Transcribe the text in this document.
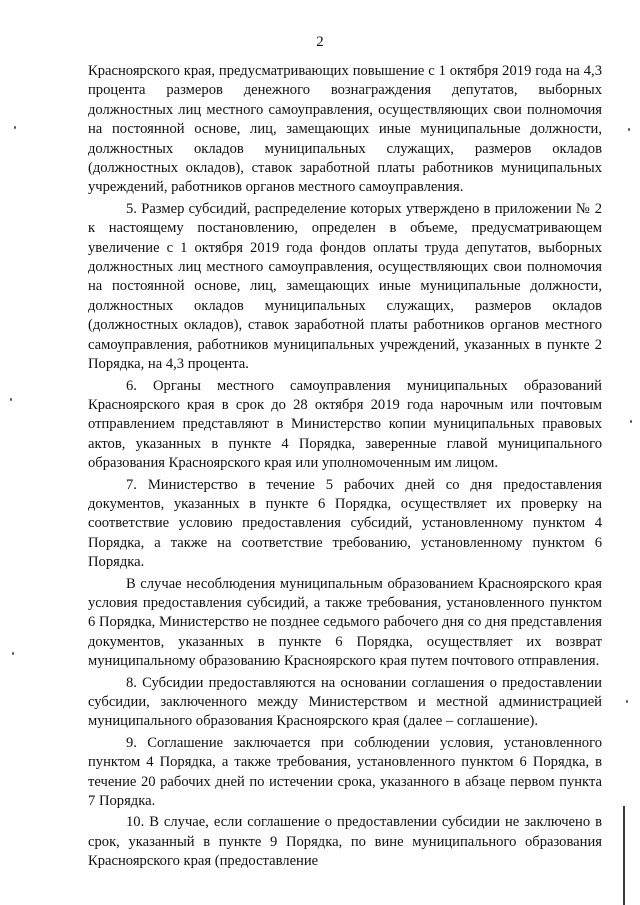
2

Красноярского края, предусматривающих повышение с 1 октября 2019 года на 4,3 процента размеров денежного вознаграждения депутатов, выборных должностных лиц местного самоуправления, осуществляющих свои полномочия на постоянной основе, лиц, замещающих иные муниципальные должности, должностных окладов муниципальных служащих, размеров окладов (должностных окладов), ставок заработной платы работников муниципальных учреждений, работников органов местного самоуправления.

5. Размер субсидий, распределение которых утверждено в приложении № 2 к настоящему постановлению, определен в объеме, предусматривающем увеличение с 1 октября 2019 года фондов оплаты труда депутатов, выборных должностных лиц местного самоуправления, осуществляющих свои полномочия на постоянной основе, лиц, замещающих иные муниципальные должности, должностных окладов муниципальных служащих, размеров окладов (должностных окладов), ставок заработной платы работников органов местного самоуправления, работников муниципальных учреждений, указанных в пункте 2 Порядка, на 4,3 процента.

6. Органы местного самоуправления муниципальных образований Красноярского края в срок до 28 октября 2019 года нарочным или почтовым отправлением представляют в Министерство копии муниципальных правовых актов, указанных в пункте 4 Порядка, заверенные главой муниципального образования Красноярского края или уполномоченным им лицом.

7. Министерство в течение 5 рабочих дней со дня предоставления документов, указанных в пункте 6 Порядка, осуществляет их проверку на соответствие условию предоставления субсидий, установленному пунктом 4 Порядка, а также на соответствие требованию, установленному пунктом 6 Порядка.

В случае несоблюдения муниципальным образованием Красноярского края условия предоставления субсидий, а также требования, установленного пунктом 6 Порядка, Министерство не позднее седьмого рабочего дня со дня представления документов, указанных в пункте 6 Порядка, осуществляет их возврат муниципальному образованию Красноярского края путем почтового отправления.

8. Субсидии предоставляются на основании соглашения о предоставлении субсидии, заключенного между Министерством и местной администрацией муниципального образования Красноярского края (далее – соглашение).

9. Соглашение заключается при соблюдении условия, установленного пунктом 4 Порядка, а также требования, установленного пунктом 6 Порядка, в течение 20 рабочих дней по истечении срока, указанного в абзаце первом пункта 7 Порядка.

10. В случае, если соглашение о предоставлении субсидии не заключено в срок, указанный в пункте 9 Порядка, по вине муниципального образования Красноярского края (предоставление
